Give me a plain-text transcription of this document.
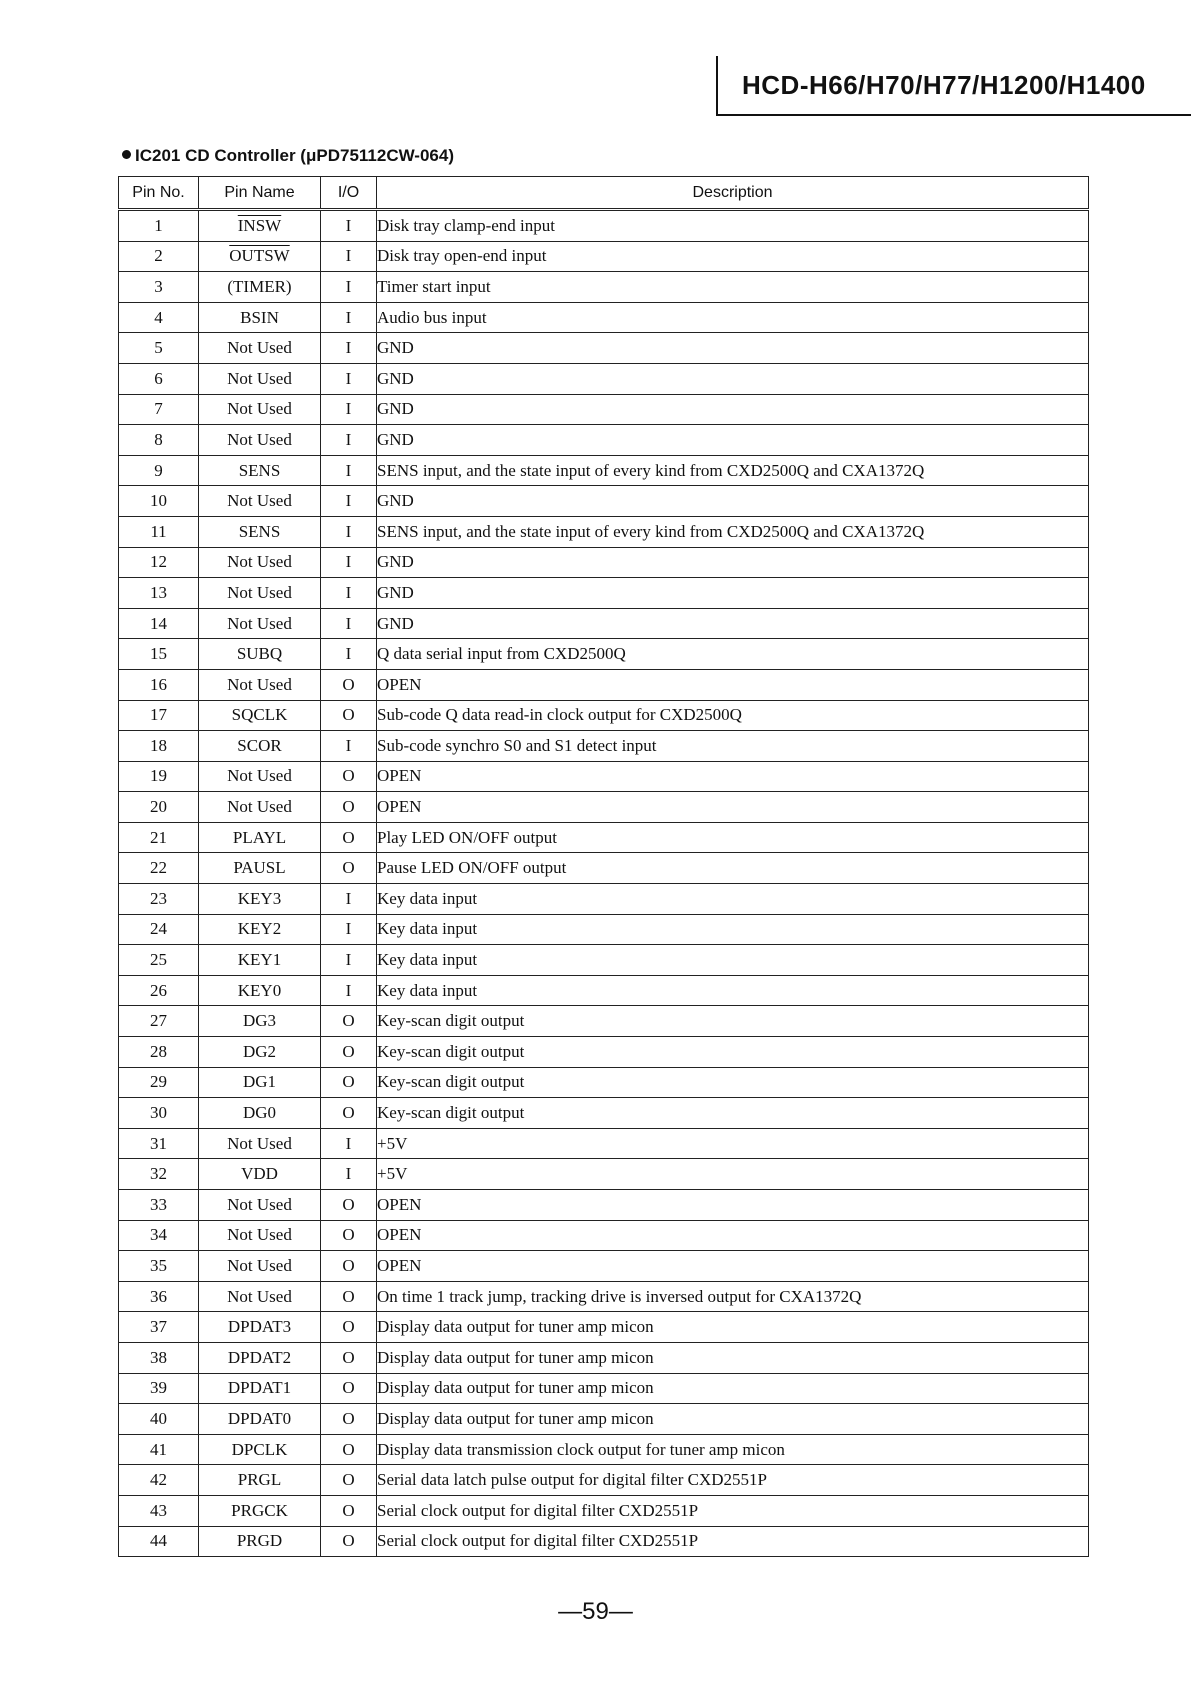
HCD-H66/H70/H77/H1200/H1400
IC201 CD Controller (μPD75112CW-064)
Pin No.	Pin Name	I/O	Description
1	INSW	I	Disk tray clamp-end input
2	OUTSW	I	Disk tray open-end input
3	(TIMER)	I	Timer start input
4	BSIN	I	Audio bus input
5	Not Used	I	GND
6	Not Used	I	GND
7	Not Used	I	GND
8	Not Used	I	GND
9	SENS	I	SENS input, and the state input of every kind from CXD2500Q and CXA1372Q
10	Not Used	I	GND
11	SENS	I	SENS input, and the state input of every kind from CXD2500Q and CXA1372Q
12	Not Used	I	GND
13	Not Used	I	GND
14	Not Used	I	GND
15	SUBQ	I	Q data serial input from CXD2500Q
16	Not Used	O	OPEN
17	SQCLK	O	Sub-code Q data read-in clock output for CXD2500Q
18	SCOR	I	Sub-code synchro S0 and S1 detect input
19	Not Used	O	OPEN
20	Not Used	O	OPEN
21	PLAYL	O	Play LED ON/OFF output
22	PAUSL	O	Pause LED ON/OFF output
23	KEY3	I	Key data input
24	KEY2	I	Key data input
25	KEY1	I	Key data input
26	KEY0	I	Key data input
27	DG3	O	Key-scan digit output
28	DG2	O	Key-scan digit output
29	DG1	O	Key-scan digit output
30	DG0	O	Key-scan digit output
31	Not Used	I	+5V
32	VDD	I	+5V
33	Not Used	O	OPEN
34	Not Used	O	OPEN
35	Not Used	O	OPEN
36	Not Used	O	On time 1 track jump, tracking drive is inversed output for CXA1372Q
37	DPDAT3	O	Display data output for tuner amp micon
38	DPDAT2	O	Display data output for tuner amp micon
39	DPDAT1	O	Display data output for tuner amp micon
40	DPDAT0	O	Display data output for tuner amp micon
41	DPCLK	O	Display data transmission clock output for tuner amp micon
42	PRGL	O	Serial data latch pulse output for digital filter CXD2551P
43	PRGCK	O	Serial clock output for digital filter CXD2551P
44	PRGD	O	Serial clock output for digital filter CXD2551P
—59—
